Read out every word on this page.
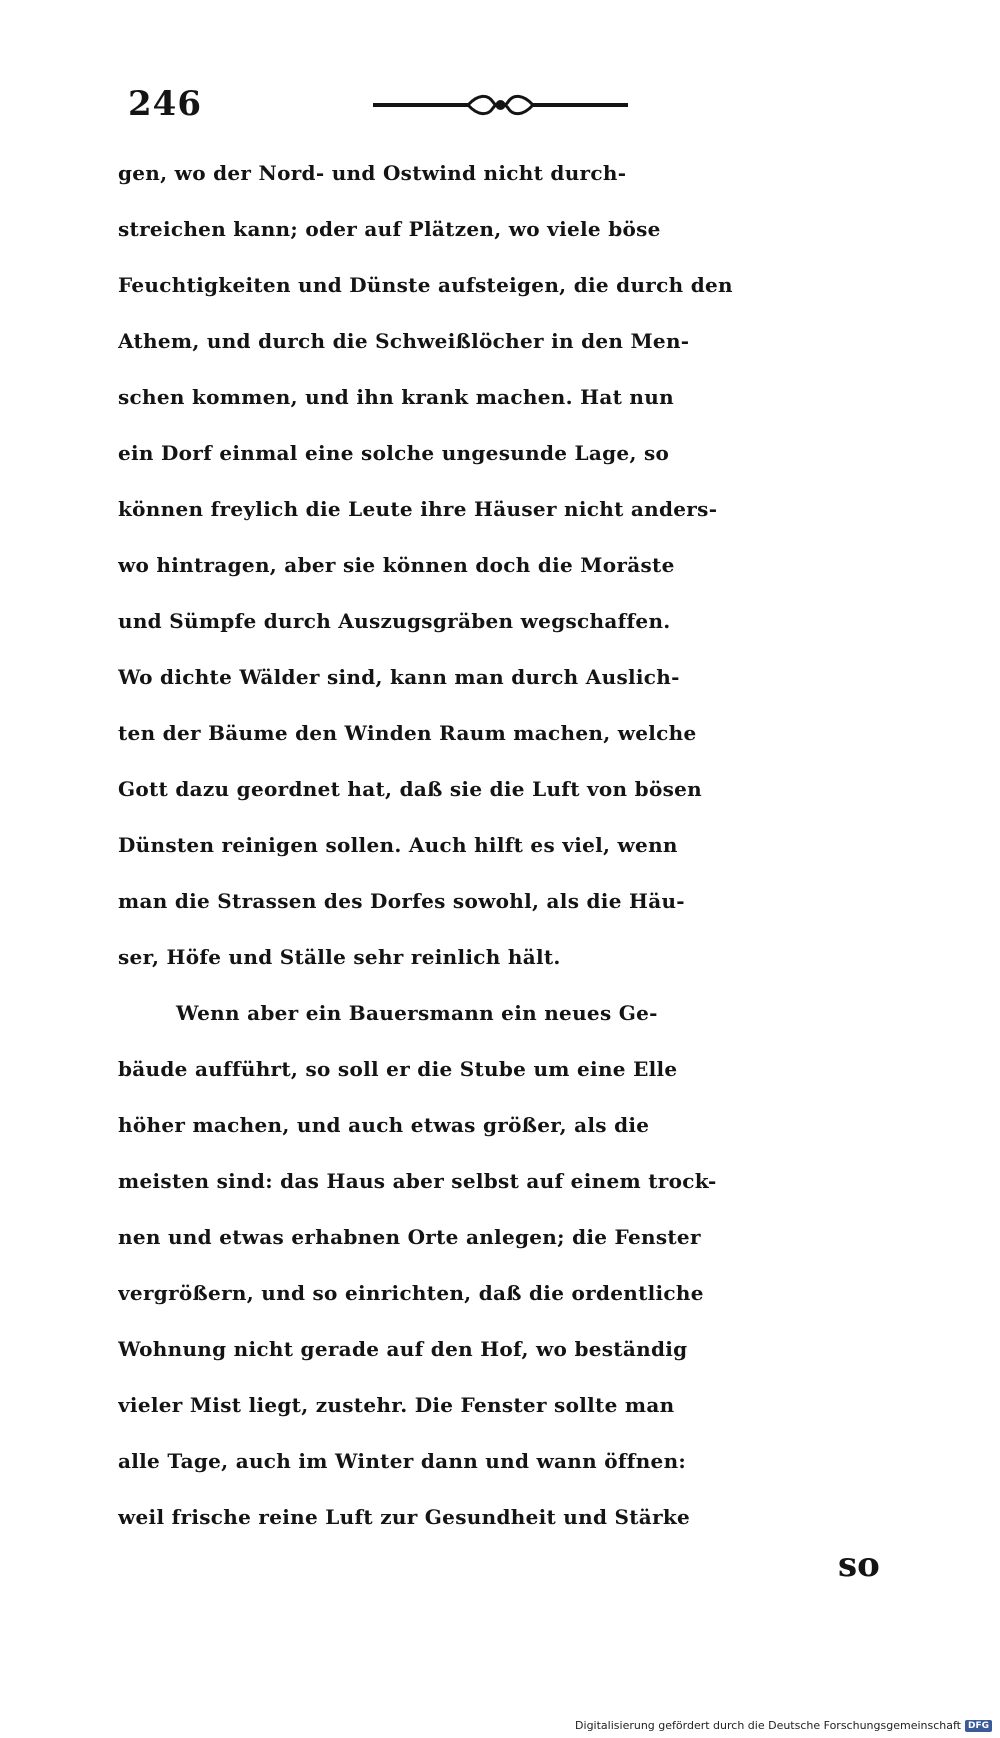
246
gen, wo der Nord- und Ostwind nicht durch-
streichen kann; oder auf Plätzen, wo viele böse
Feuchtigkeiten und Dünste aufsteigen, die durch den
Athem, und durch die Schweißlöcher in den Men-
schen kommen, und ihn krank machen. Hat nun
ein Dorf einmal eine solche ungesunde Lage, so
können freylich die Leute ihre Häuser nicht anders-
wo hintragen, aber sie können doch die Moräste
und Sümpfe durch Auszugsgräben wegschaffen.
Wo dichte Wälder sind, kann man durch Auslich-
ten der Bäume den Winden Raum machen, welche
Gott dazu geordnet hat, daß sie die Luft von bösen
Dünsten reinigen sollen. Auch hilft es viel, wenn
man die Strassen des Dorfes sowohl, als die Häu-
ser, Höfe und Ställe sehr reinlich hält.
Wenn aber ein Bauersmann ein neues Ge-
bäude aufführt, so soll er die Stube um eine Elle
höher machen, und auch etwas größer, als die
meisten sind: das Haus aber selbst auf einem trock-
nen und etwas erhabnen Orte anlegen; die Fenster
vergrößern, und so einrichten, daß die ordentliche
Wohnung nicht gerade auf den Hof, wo beständig
vieler Mist liegt, zustehr. Die Fenster sollte man
alle Tage, auch im Winter dann und wann öffnen:
weil frische reine Luft zur Gesundheit und Stärke
so
Digitalisierung gefördert durch die Deutsche Forschungsgemeinschaft DFG
